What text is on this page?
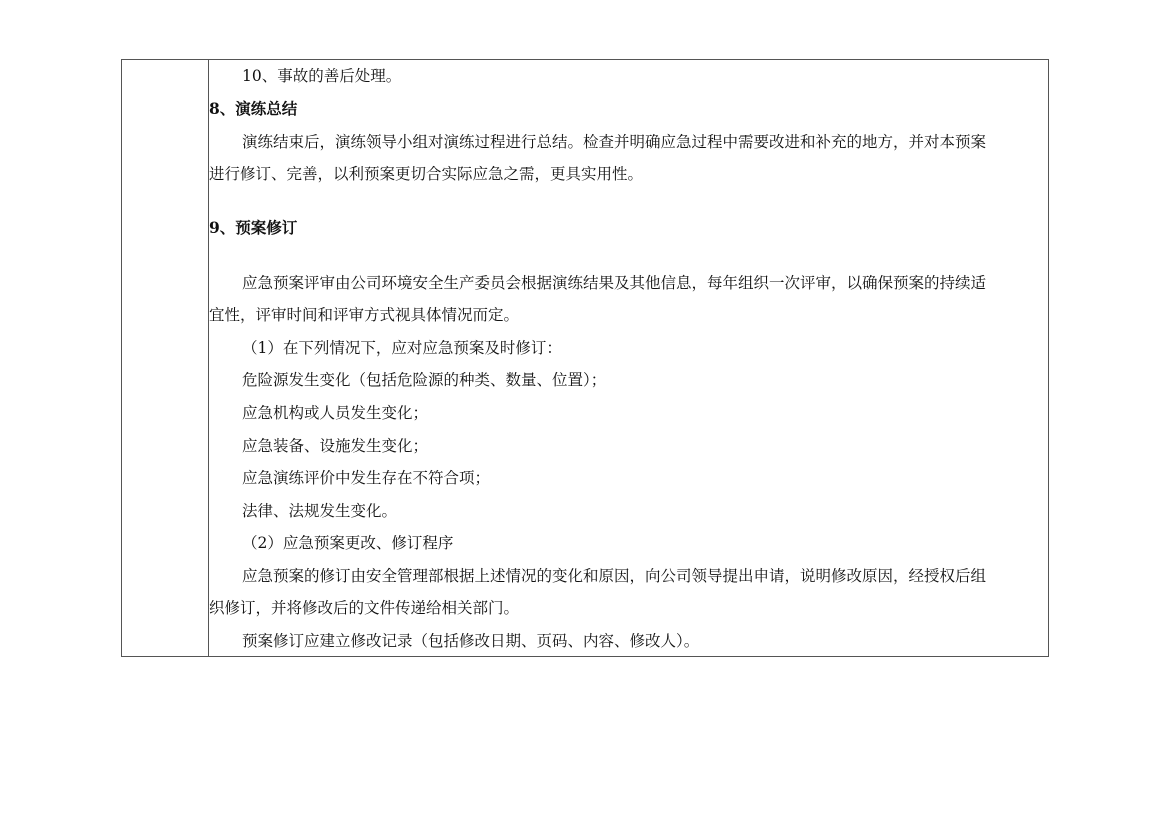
10、事故的善后处理。
8、演练总结
演练结束后，演练领导小组对演练过程进行总结。检查并明确应急过程中需要改进和补充的地方，并对本预案
进行修订、完善，以利预案更切合实际应急之需，更具实用性。
9、预案修订
应急预案评审由公司环境安全生产委员会根据演练结果及其他信息，每年组织一次评审，以确保预案的持续适
宜性，评审时间和评审方式视具体情况而定。
（1）在下列情况下，应对应急预案及时修订：
危险源发生变化（包括危险源的种类、数量、位置）；
应急机构或人员发生变化；
应急装备、设施发生变化；
应急演练评价中发生存在不符合项；
法律、法规发生变化。
（2）应急预案更改、修订程序
应急预案的修订由安全管理部根据上述情况的变化和原因，向公司领导提出申请，说明修改原因，经授权后组
织修订，并将修改后的文件传递给相关部门。
预案修订应建立修改记录（包括修改日期、页码、内容、修改人）。
